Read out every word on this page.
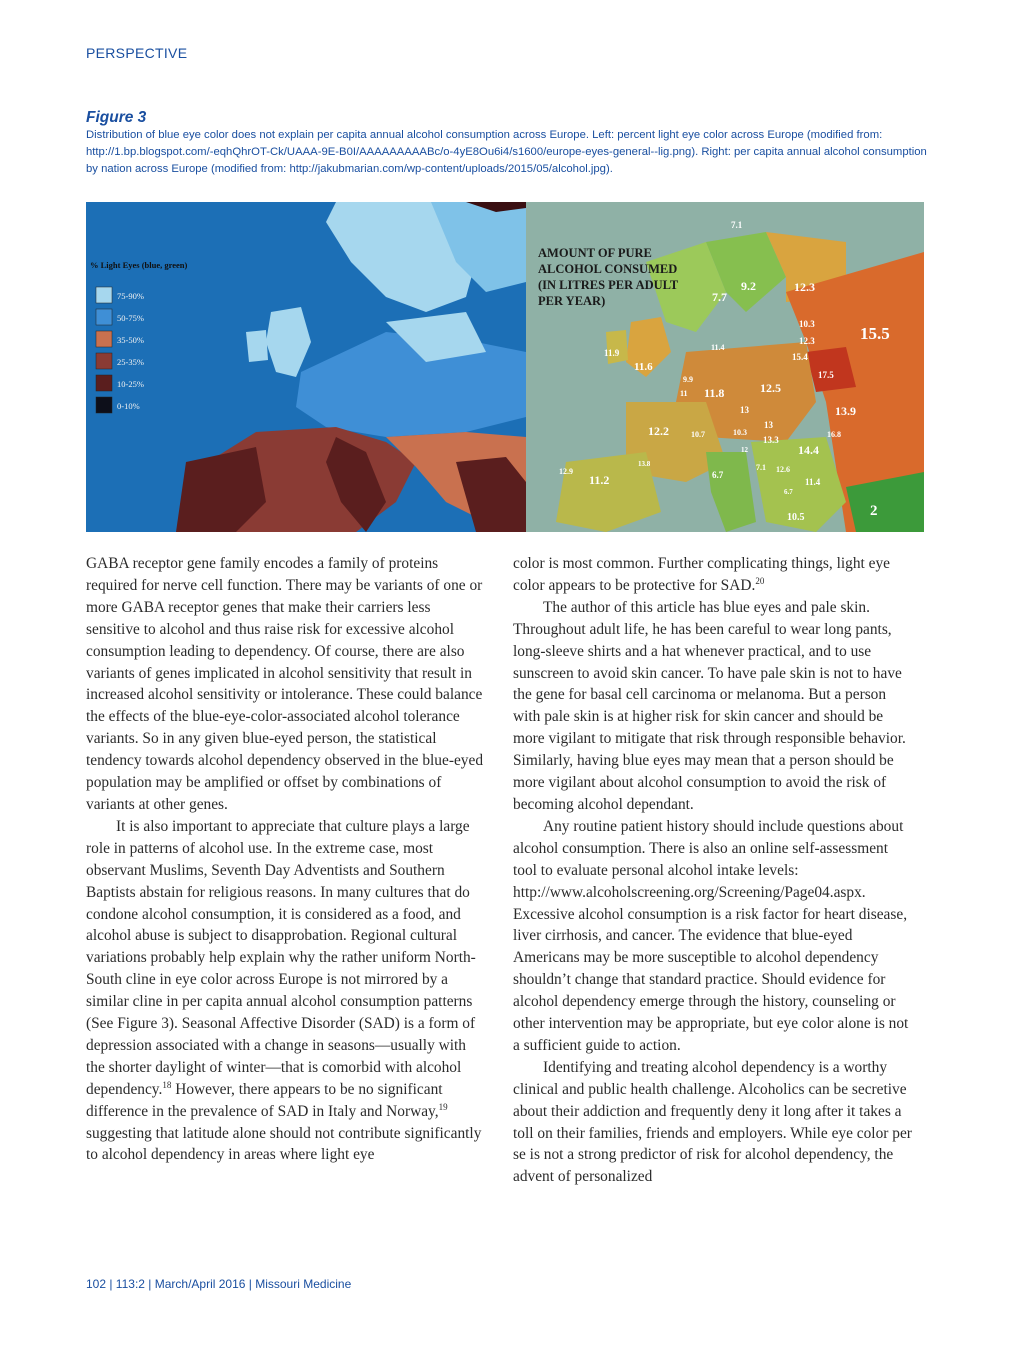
PERSPECTIVE
Figure 3
Distribution of blue eye color does not explain per capita annual alcohol consumption across Europe. Left: percent light eye color across Europe (modified from: http://1.bp.blogspot.com/-eqhQhrOT-Ck/UAAA-9E-B0I/AAAAAAAAABc/o-4yE8Ou6i4/s1600/europe-eyes-general--lig.png). Right: per capita annual alcohol consumption by nation across Europe (modified from: http://jakubmarian.com/wp-content/uploads/2015/05/alcohol.jpg).
% Light Eyes (blue, green)
75-90%
50-75%
35-50%
25-35%
10-25%
0-10%
AMOUNT OF PURE
ALCOHOL CONSUMED
(IN LITRES PER ADULT
PER YEAR)
7.1
9.2	12.3
7.7
10.3
12.3	15.5
11.9
11.6
11.4
15.4
17.5
9.9
11 11.8	12.5
13.9
13
12.2	10.7	10.3
13.3
16.8
13
14.4
12
7.1 12.6
12.9
13.8
11.2	6.7
11.4
6.7
10.5	2

GABA receptor gene family encodes a family of proteins required for nerve cell function. There may be variants of one or more GABA receptor genes that make their carriers less sensitive to alcohol and thus raise risk for excessive alcohol consumption leading to dependency. Of course, there are also variants of genes implicated in alcohol sensitivity that result in increased alcohol sensitivity or intolerance. These could balance the effects of the blue-eye-color-associated alcohol tolerance variants. So in any given blue-eyed person, the statistical tendency towards alcohol dependency observed in the blue-eyed population may be amplified or offset by combinations of variants at other genes.

It is also important to appreciate that culture plays a large role in patterns of alcohol use. In the extreme case, most observant Muslims, Seventh Day Adventists and Southern Baptists abstain for religious reasons. In many cultures that do condone alcohol consumption, it is considered as a food, and alcohol abuse is subject to disapprobation. Regional cultural variations probably help explain why the rather uniform North-South cline in eye color across Europe is not mirrored by a similar cline in per capita annual alcohol consumption patterns (See Figure 3). Seasonal Affective Disorder (SAD) is a form of depression associated with a change in seasons—usually with the shorter daylight of winter—that is comorbid with alcohol dependency.$^{18}$ However, there appears to be no significant difference in the prevalence of SAD in Italy and Norway,$^{19}$ suggesting that latitude alone should not contribute significantly to alcohol dependency in areas where light eye

color is most common. Further complicating things, light eye color appears to be protective for SAD.$^{20}$

The author of this article has blue eyes and pale skin. Throughout adult life, he has been careful to wear long pants, long-sleeve shirts and a hat whenever practical, and to use sunscreen to avoid skin cancer. To have pale skin is not to have the gene for basal cell carcinoma or melanoma. But a person with pale skin is at higher risk for skin cancer and should be more vigilant to mitigate that risk through responsible behavior. Similarly, having blue eyes may mean that a person should be more vigilant about alcohol consumption to avoid the risk of becoming alcohol dependant.

Any routine patient history should include questions about alcohol consumption. There is also an online self-assessment tool to evaluate personal alcohol intake levels: http://www.alcoholscreening.org/Screening/Page04.aspx. Excessive alcohol consumption is a risk factor for heart disease, liver cirrhosis, and cancer. The evidence that blue-eyed Americans may be more susceptible to alcohol dependency shouldn’t change that standard practice. Should evidence for alcohol dependency emerge through the history, counseling or other intervention may be appropriate, but eye color alone is not a sufficient guide to action.

Identifying and treating alcohol dependency is a worthy clinical and public health challenge. Alcoholics can be secretive about their addiction and frequently deny it long after it takes a toll on their families, friends and employers. While eye color per se is not a strong predictor of risk for alcohol dependency, the advent of personalized

102 | 113:2 | March/April 2016 | Missouri Medicine
